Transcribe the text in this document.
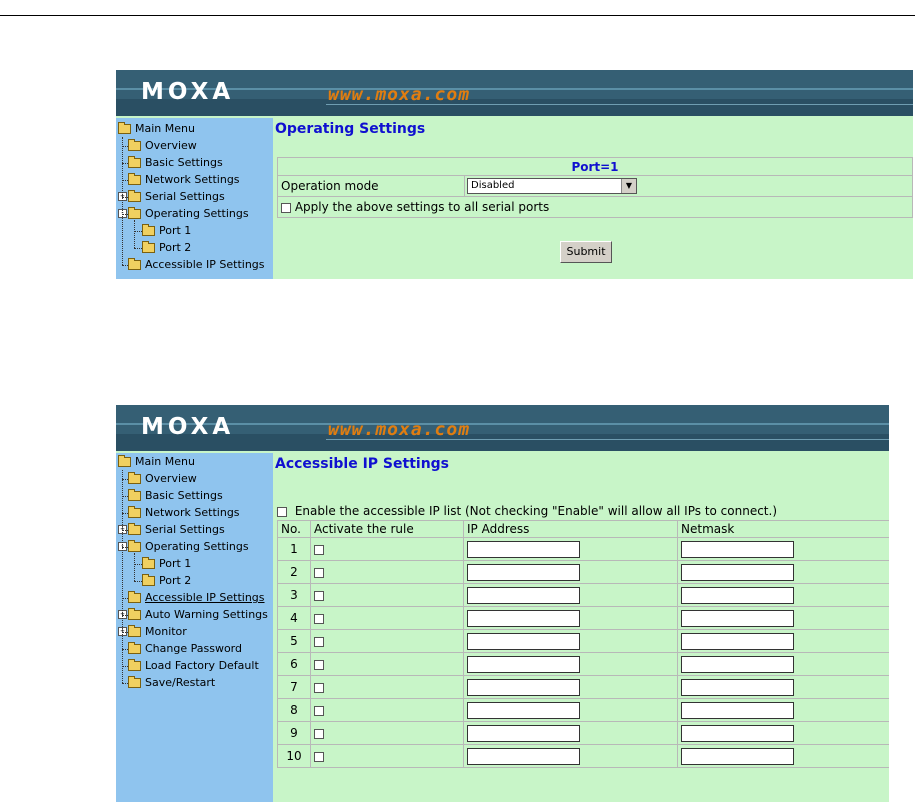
MOXA	www.moxa.com
Main Menu
Overview
Basic Settings
Network Settings
+ Serial Settings
- Operating Settings
Port 1
Port 2
Accessible IP Settings
Operating Settings
Port=1
Operation mode	Disabled	▼

Apply the above settings to all serial ports
Submit
MOXA	www.moxa.com
Main Menu
Overview
Basic Settings
Network Settings
+ Serial Settings
- Operating Settings
Port 1
Port 2
Accessible IP Settings
+ Auto Warning Settings
+ Monitor
Change Password
Load Factory Default
Save/Restart
Accessible IP Settings
Enable the accessible IP list (Not checking "Enable" will allow all IPs to connect.)
No.	Activate the rule	IP Address	Netmask
1			
2			
3			
4			
5			
6			
7			
8			
9			
10			
